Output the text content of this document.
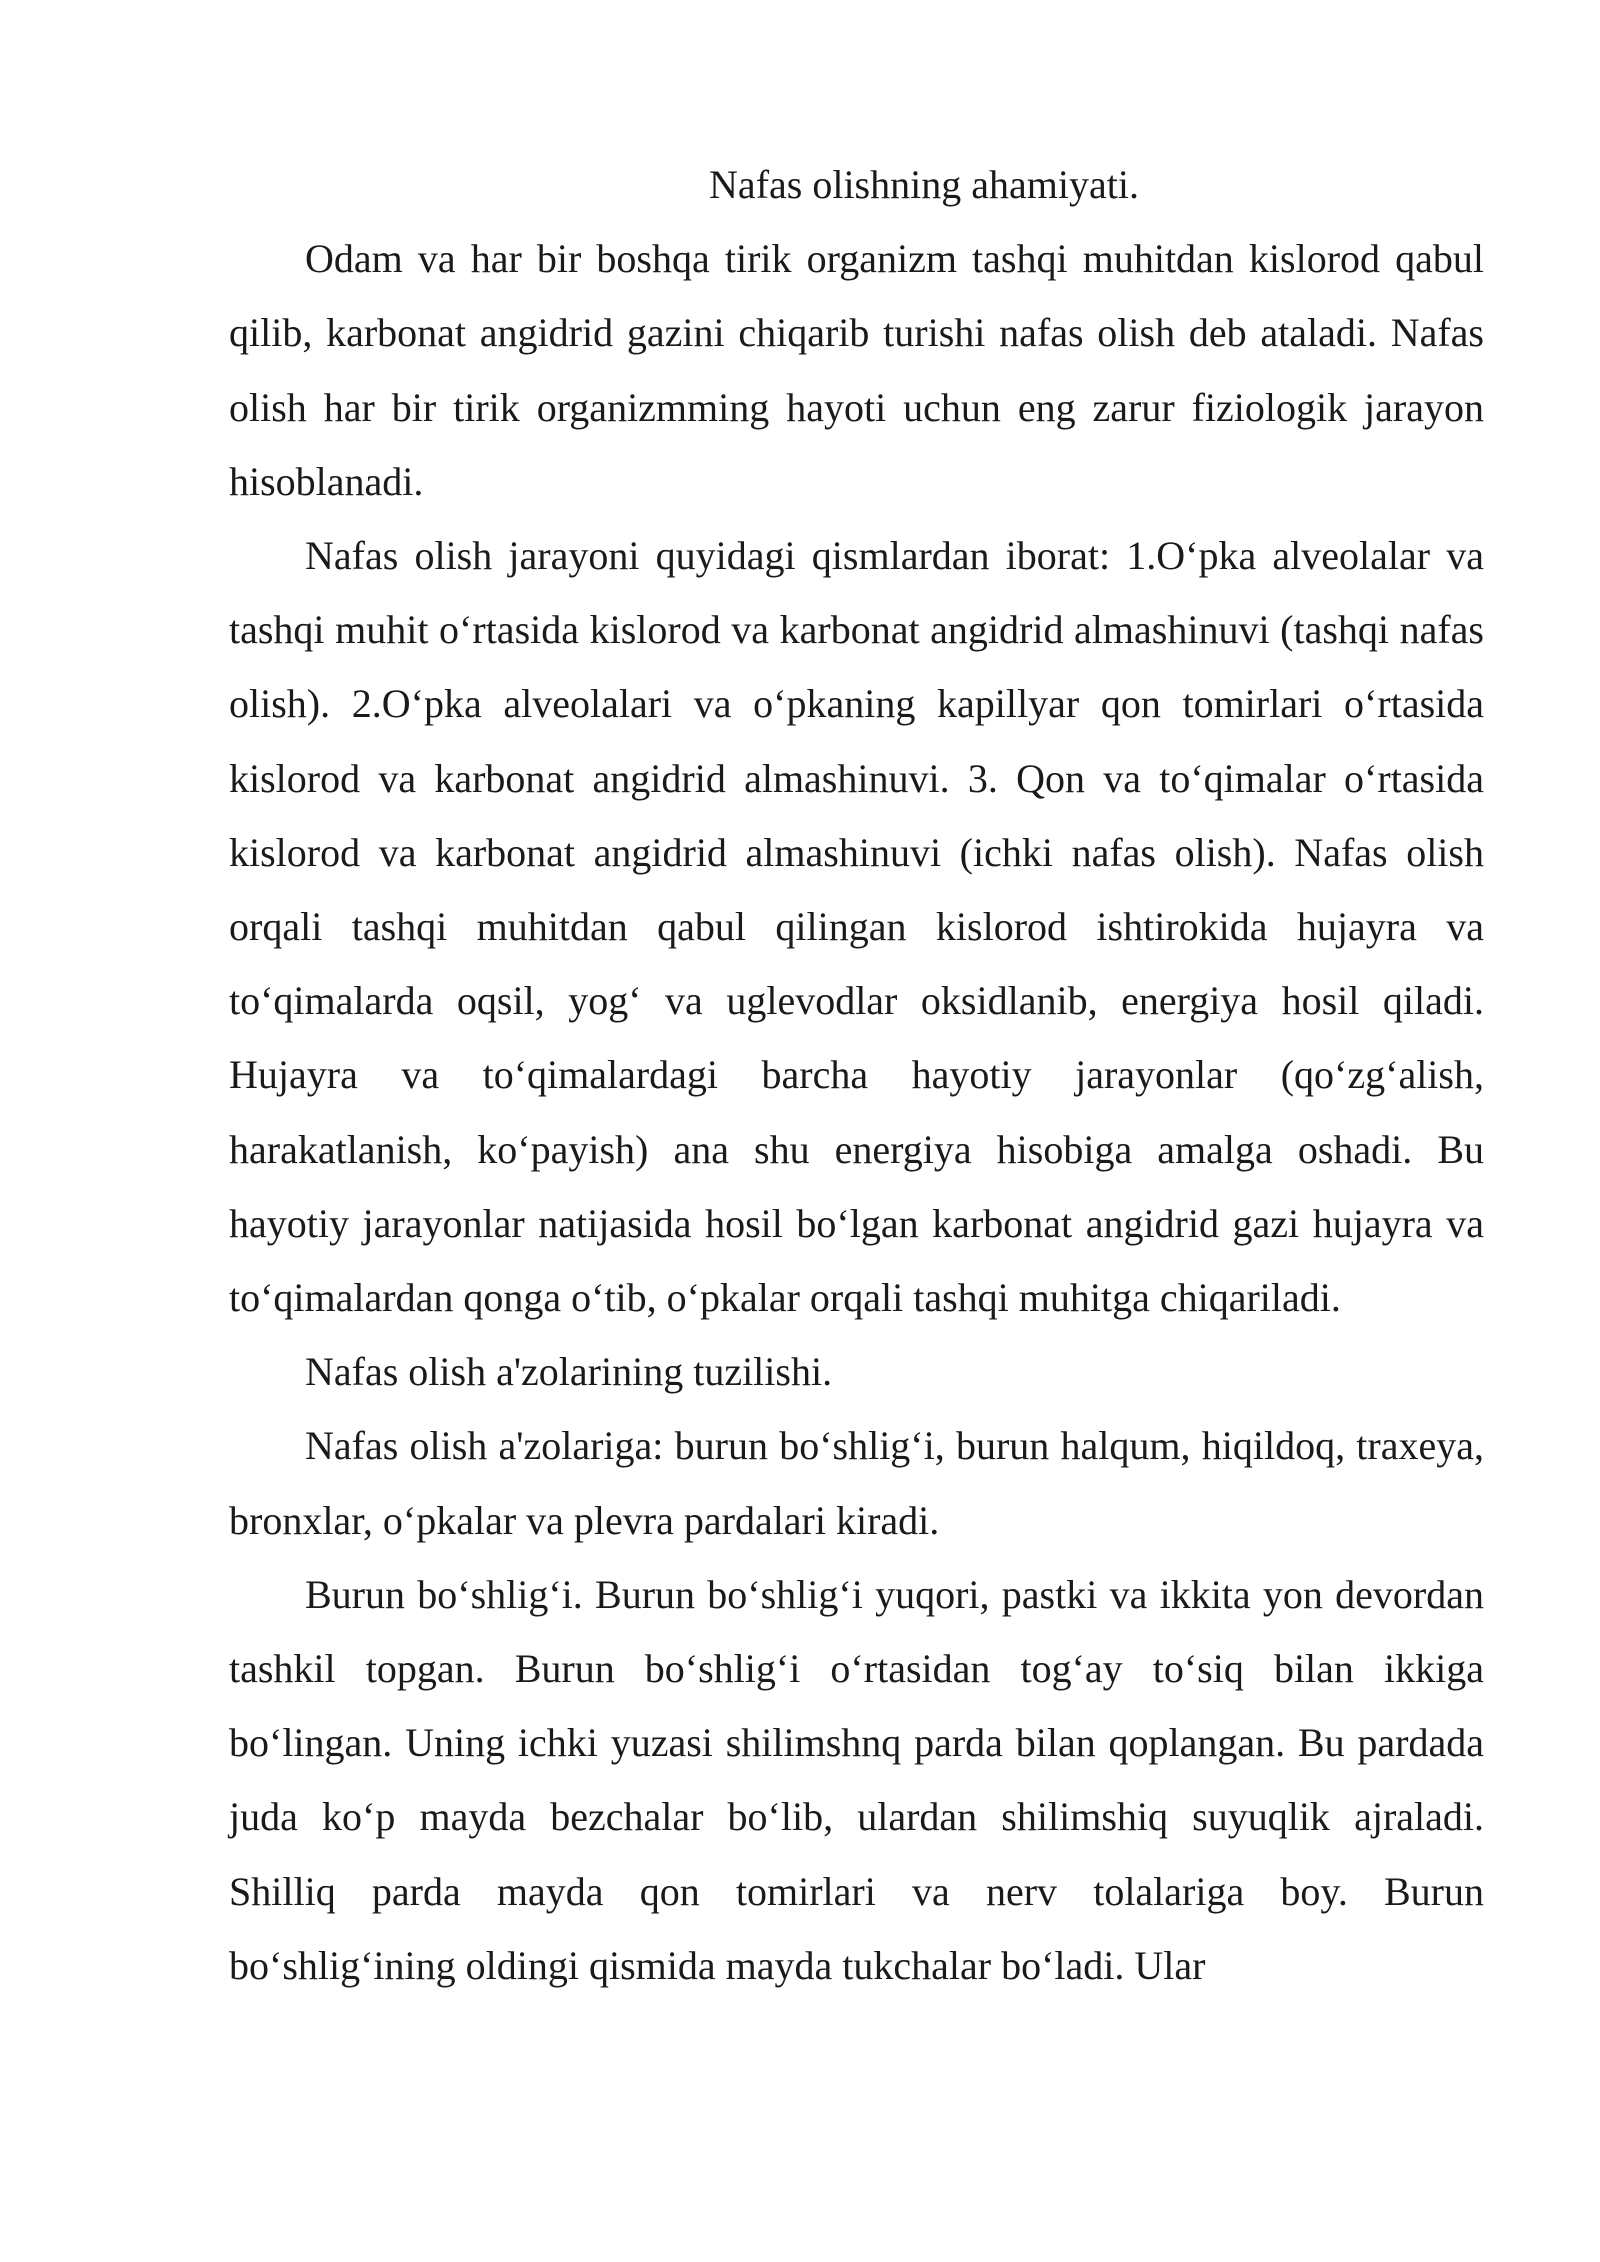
Nafas olishning ahamiyati.

Odam va har bir boshqa tirik organizm tashqi muhitdan kislorod qabul qilib, karbonat angidrid gazini chiqarib turishi nafas olish deb ataladi. Nafas olish har bir tirik organizmming hayoti uchun eng zarur fiziologik jarayon hisoblanadi.

Nafas olish jarayoni quyidagi qismlardan iborat: 1.O‘pka alveolalar va tashqi muhit o‘rtasida kislorod va karbonat angidrid almashinuvi (tashqi nafas olish). 2.O‘pka alveolalari va o‘pkaning kapillyar qon tomirlari o‘rtasida kislorod va karbonat angidrid almashinuvi. 3. Qon va to‘qimalar o‘rtasida kislorod va karbonat angidrid almashinuvi (ichki nafas olish). Nafas olish orqali tashqi muhitdan qabul qilingan kislorod ishtirokida hujayra va to‘qimalarda oqsil, yog‘ va uglevodlar oksidlanib, energiya hosil qiladi. Hujayra va to‘qimalardagi barcha hayotiy jarayonlar (qo‘zg‘alish, harakatlanish, ko‘payish) ana shu energiya hisobiga amalga oshadi. Bu hayotiy jarayonlar natijasida hosil bo‘lgan karbonat angidrid gazi hujayra va to‘qimalardan qonga o‘tib, o‘pkalar orqali tashqi muhitga chiqariladi.

Nafas olish a'zolarining tuzilishi.

Nafas olish a'zolariga: burun bo‘shlig‘i, burun halqum, hiqildoq, traxeya, bronxlar, o‘pkalar va plevra pardalari kiradi.

Burun bo‘shlig‘i. Burun bo‘shlig‘i yuqori, pastki va ikkita yon devordan tashkil topgan. Burun bo‘shlig‘i o‘rtasidan tog‘ay to‘siq bilan ikkiga bo‘lingan. Uning ichki yuzasi shilimshnq parda bilan qoplangan. Bu pardada juda ko‘p mayda bezchalar bo‘lib, ulardan shilimshiq suyuqlik ajraladi. Shilliq parda mayda qon tomirlari va nerv tolalariga boy. Burun bo‘shlig‘ining oldingi qismida mayda tukchalar bo‘ladi. Ular
